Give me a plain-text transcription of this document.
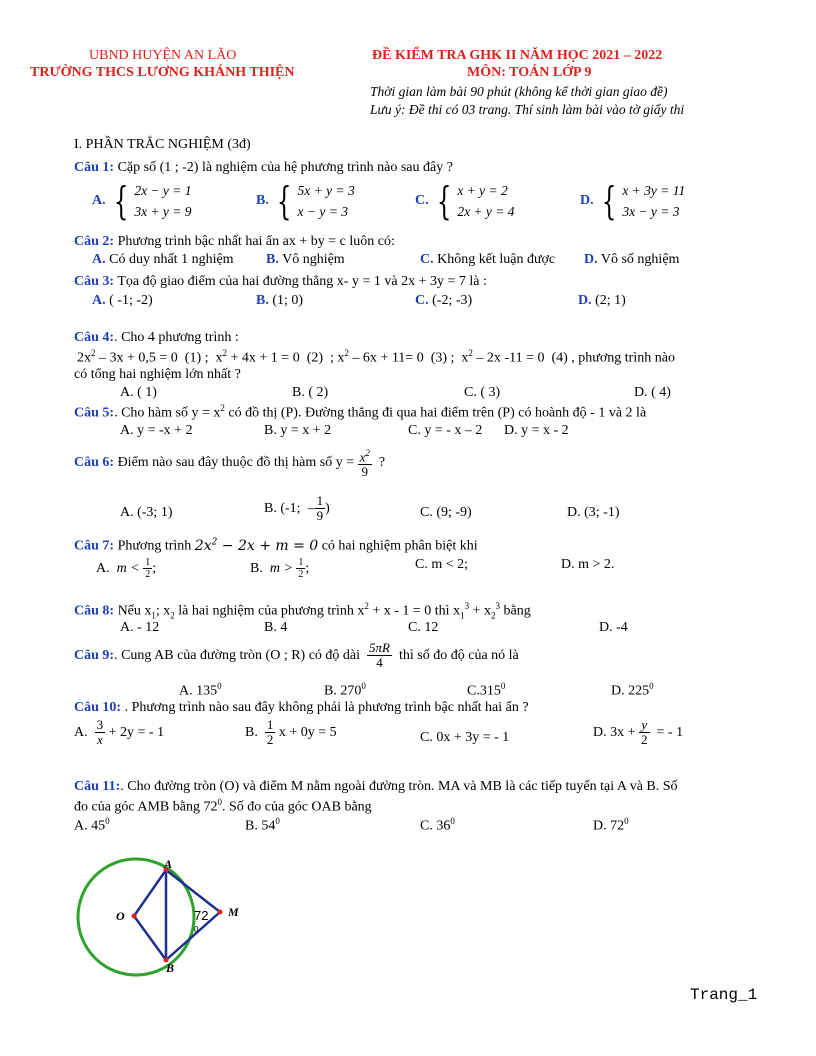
UBND HUYỆN AN LÃO
TRƯỜNG THCS LƯƠNG KHÁNH THIỆN
ĐỀ KIỂM TRA GHK II NĂM HỌC 2021 – 2022
MÔN: TOÁN LỚP 9
Thời gian làm bài 90 phút (không kể thời gian giao đề)
Lưu ý: Đề thi có 03 trang. Thí sinh làm bài vào tờ giấy thi
I. PHẦN TRẮC NGHIỆM (3đ)
Câu 1: Cặp số (1 ; -2) là nghiệm của hệ phương trình nào sau đây ?
A. { 2x − y = 1
3x + y = 9
B. { 5x + y = 3
x − y = 3
C. { x + y = 2
2x + y = 4
D. { x + 3y = 11
3x − y = 3
Câu 2: Phương trình bậc nhất hai ẩn ax + by = c luôn có:
A. Có duy nhất 1 nghiệm B. Vô nghiệm	C. Không kết luận được D. Vô số nghiệm
Câu 3: Tọa độ giao điểm của hai đường thẳng x- y = 1 và 2x + 3y = 7 là :
A. ( -1; -2)	B. (1; 0)	C. (-2; -3)	D. (2; 1)
Câu 4:. Cho 4 phương trình :
$2x^2 - 3x + 0,5 = 0$  (1) ;  $x^2 + 4x + 1 = 0$  (2)  ; $x^2 - 6x + 11= 0$  (3) ;  $x^2 - 2x$ -11 = 0  (4) , phương trình nào
có tổng hai nghiệm lớn nhất ?
A. ( 1)	B. ( 2)	C. ( 3)	D. ( 4)
Câu 5:. Cho hàm số $y = x^2$ có đồ thị (P). Đường thẳng đi qua hai điểm trên (P) có hoành độ - 1 và 2 là
A. y = -x + 2	B. y = x + 2	C. y = - x – 2 D. y = x - 2
Câu 6:
Điểm nào sau đây thuộc đồ thị hàm số y =
$\frac{x^2}{9}$ ?
A. (-3; 1)	B. (-1; – $\frac{1}{9}$ )	C. (9; -9)	D. (3; -1)
Câu 7: Phương trình $2x^2 - 2x + m = 0$ có hai nghiệm phân biệt khi
A.
m <
$\frac{1}{2}$ ;	B.
m >
$\frac{1}{2}$ ;	C. m < 2;	D. m > 2.
Câu 8: Nếu $x_1$; $x_2$ là hai nghiệm của phương trình $x^2 + x - 1 = 0$ thì $x_1^3 + x_2^3$ bằng
A. - 12	B. 4	C. 12	D. -4
Câu 9: . Cung AB của đường tròn (O ; R) có độ dài
$\frac{5\pi R}{4}$
thì số đo độ của nó là
A. $135^0$	B. $270^0$	C.315$^0$	D. $225^0$
Câu 10: . Phương trình nào sau đây không phải là phương trình bậc nhất hai ẩn ?
A.
$\frac{3}{x}$
+ 2y = - 1	B.
$\frac{1}{2}$
x + 0y = 5	C. 0x + 3y = - 1	D. 3x +
$\frac{y}{2}$
= - 1
Câu 11:. Cho đường tròn (O) và điểm M nằm ngoài đường tròn. MA và MB là các tiếp tuyến tại A và B. Số
đo của góc AMB bằng $72^0$. Số đo của góc OAB bằng
A. $45^0$	B. $54^0$	C. $36^0$	D. $72^0$
A
B
O	M
72
0
Trang_1
